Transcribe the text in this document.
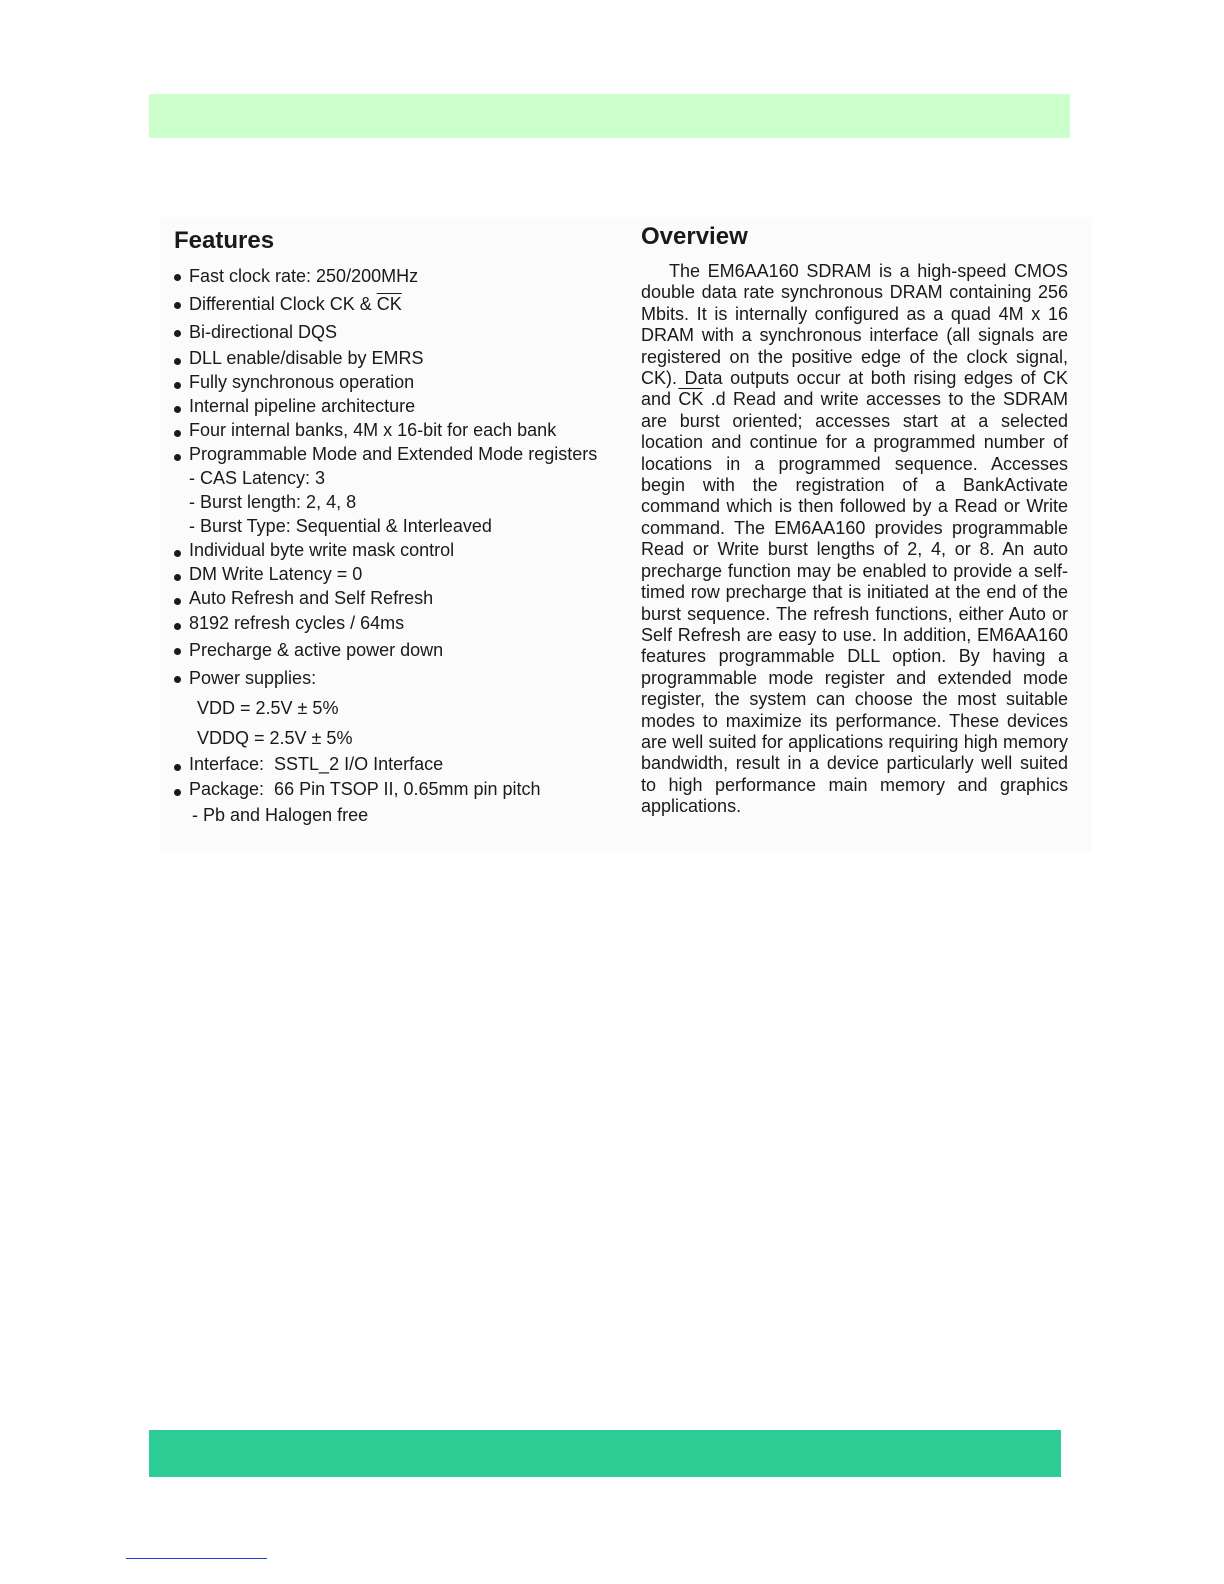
Features
Fast clock rate: 250/200MHz
Differential Clock CK & $\overline{CK}$
Bi-directional DQS
DLL enable/disable by EMRS
Fully synchronous operation
Internal pipeline architecture
Four internal banks, 4M x 16-bit for each bank
Programmable Mode and Extended Mode registers
- CAS Latency: 3
- Burst length: 2, 4, 8
- Burst Type: Sequential & Interleaved
Individual byte write mask control
DM Write Latency = 0
Auto Refresh and Self Refresh
8192 refresh cycles / 64ms
Precharge & active power down
Power supplies:
VDD = 2.5V ± 5%
VDDQ = 2.5V ± 5%
Interface:  SSTL_2 I/O Interface
Package:  66 Pin TSOP II, 0.65mm pin pitch
- Pb and Halogen free
Overview

The EM6AA160 SDRAM is a high-speed CMOS double data rate synchronous DRAM containing 256 Mbits. It is internally configured as a quad 4M x 16 DRAM with a synchronous interface (all signals are registered on the positive edge of the clock signal, CK). Data outputs occur at both rising edges of CK and $\overline{CK}$ .d Read and write accesses to the SDRAM are burst oriented; accesses start at a selected location and continue for a programmed number of locations in a programmed sequence. Accesses begin with the registration of a BankActivate command which is then followed by a Read or Write command. The EM6AA160 provides programmable Read or Write burst lengths of 2, 4, or 8. An auto precharge function may be enabled to provide a self-timed row precharge that is initiated at the end of the burst sequence. The refresh functions, either Auto or Self Refresh are easy to use. In addition, EM6AA160 features programmable DLL option. By having a programmable mode register and extended mode register, the system can choose the most suitable modes to maximize its performance. These devices are well suited for applications requiring high memory bandwidth, result in a device particularly well suited to high performance main memory and graphics applications.
